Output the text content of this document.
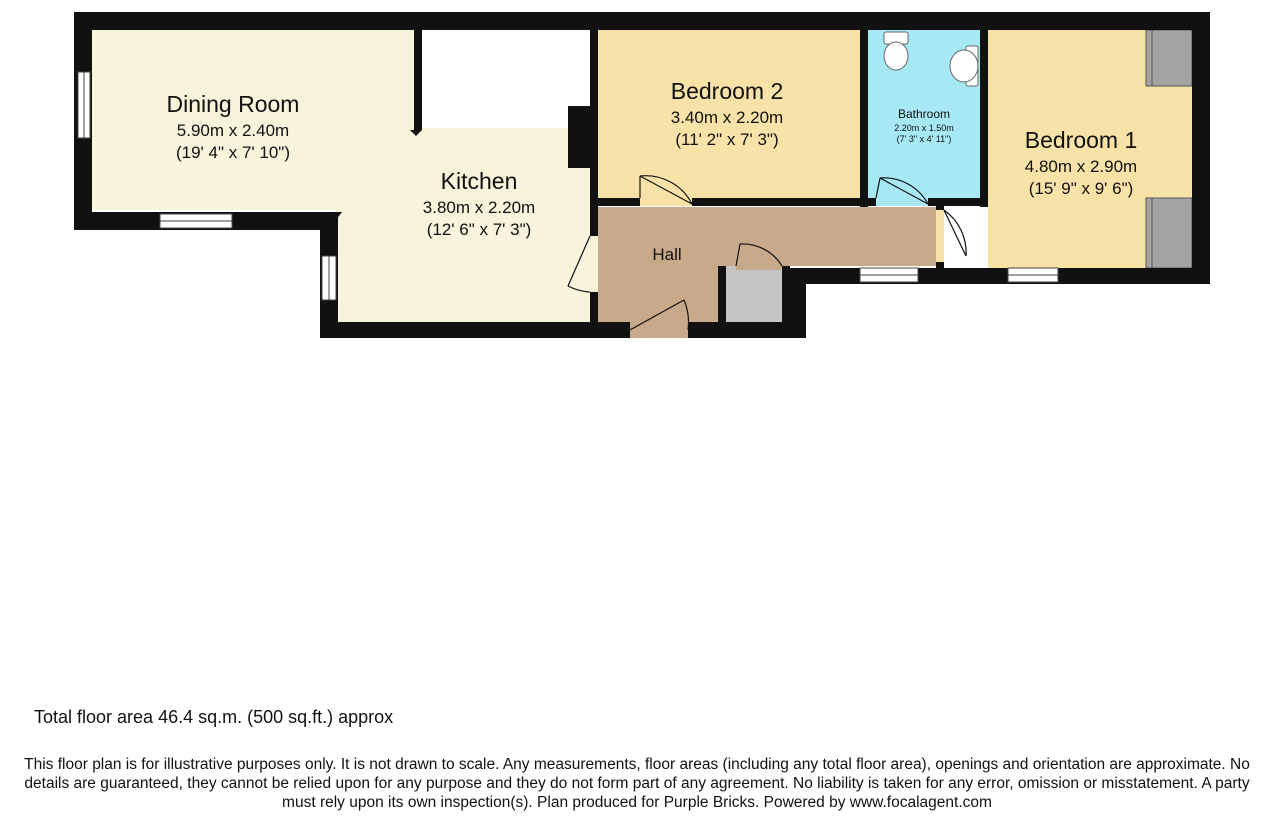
Dining Room
5.90m x 2.40m
(19' 4" x 7' 10")
Kitchen
3.80m x 2.20m
(12' 6" x 7' 3")
Bedroom 2
3.40m x 2.20m
(11' 2" x 7' 3")
Bathroom
2.20m x 1.50m
(7' 3" x 4' 11")	Bedroom 1
4.80m x 2.90m
(15' 9" x 9' 6")
Hall
Total floor area 46.4 sq.m. (500 sq.ft.) approx
This floor plan is for illustrative purposes only. It is not drawn to scale. Any measurements, floor areas (including any total floor area), openings and orientation are approximate. No details are guaranteed, they cannot be relied upon for any purpose and they do not form part of any agreement. No liability is taken for any error, omission or misstatement. A party must rely upon its own inspection(s). Plan produced for Purple Bricks. Powered by www.focalagent.com
